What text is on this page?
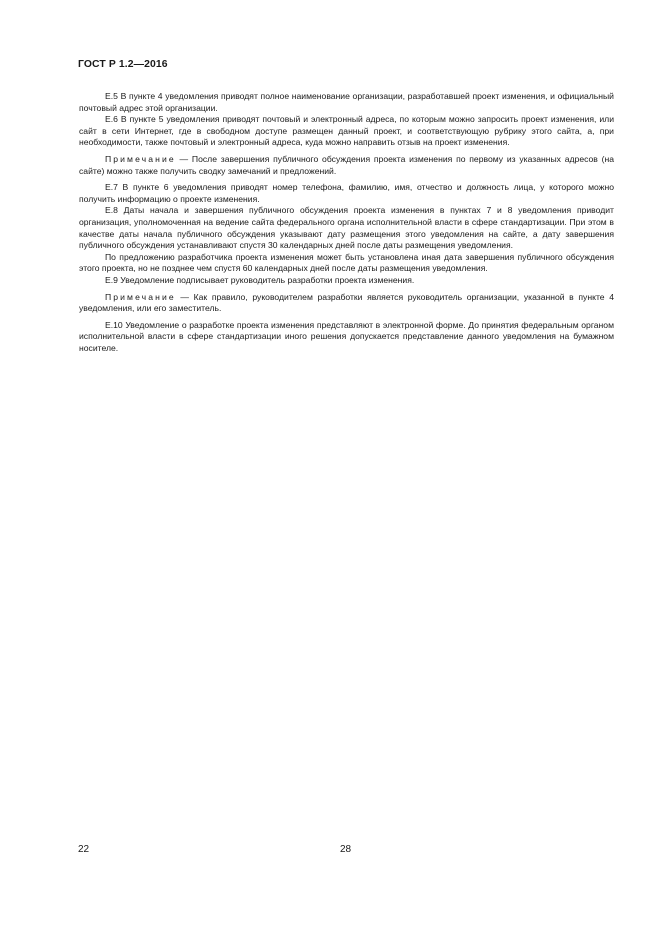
ГОСТ Р 1.2—2016

Е.5 В пункте 4 уведомления приводят полное наименование организации, разработавшей проект изменения, и официальный почтовый адрес этой организации.

Е.6 В пункте 5 уведомления приводят почтовый и электронный адреса, по которым можно запросить проект изменения, или сайт в сети Интернет, где в свободном доступе размещен данный проект, и соответствующую рубрику этого сайта, а, при необходимости, также почтовый и электронный адреса, куда можно направить отзыв на проект изменения.

Примечание — После завершения публичного обсуждения проекта изменения по первому из указанных адресов (на сайте) можно также получить сводку замечаний и предложений.

Е.7 В пункте 6 уведомления приводят номер телефона, фамилию, имя, отчество и должность лица, у которого можно получить информацию о проекте изменения.

Е.8 Даты начала и завершения публичного обсуждения проекта изменения в пунктах 7 и 8 уведомления приводит организация, уполномоченная на ведение сайта федерального органа исполнительной власти в сфере стандартизации. При этом в качестве даты начала публичного обсуждения указывают дату размещения этого уведомления на сайте, а дату завершения публичного обсуждения устанавливают спустя 30 календарных дней после даты размещения уведомления.

По предложению разработчика проекта изменения может быть установлена иная дата завершения публичного обсуждения этого проекта, но не позднее чем спустя 60 календарных дней после даты размещения уведомления.

Е.9 Уведомление подписывает руководитель разработки проекта изменения.

Примечание — Как правило, руководителем разработки является руководитель организации, указанной в пункте 4 уведомления, или его заместитель.

Е.10 Уведомление о разработке проекта изменения представляют в электронной форме. До принятия федеральным органом исполнительной власти в сфере стандартизации иного решения допускается представление данного уведомления на бумажном носителе.

22	28
